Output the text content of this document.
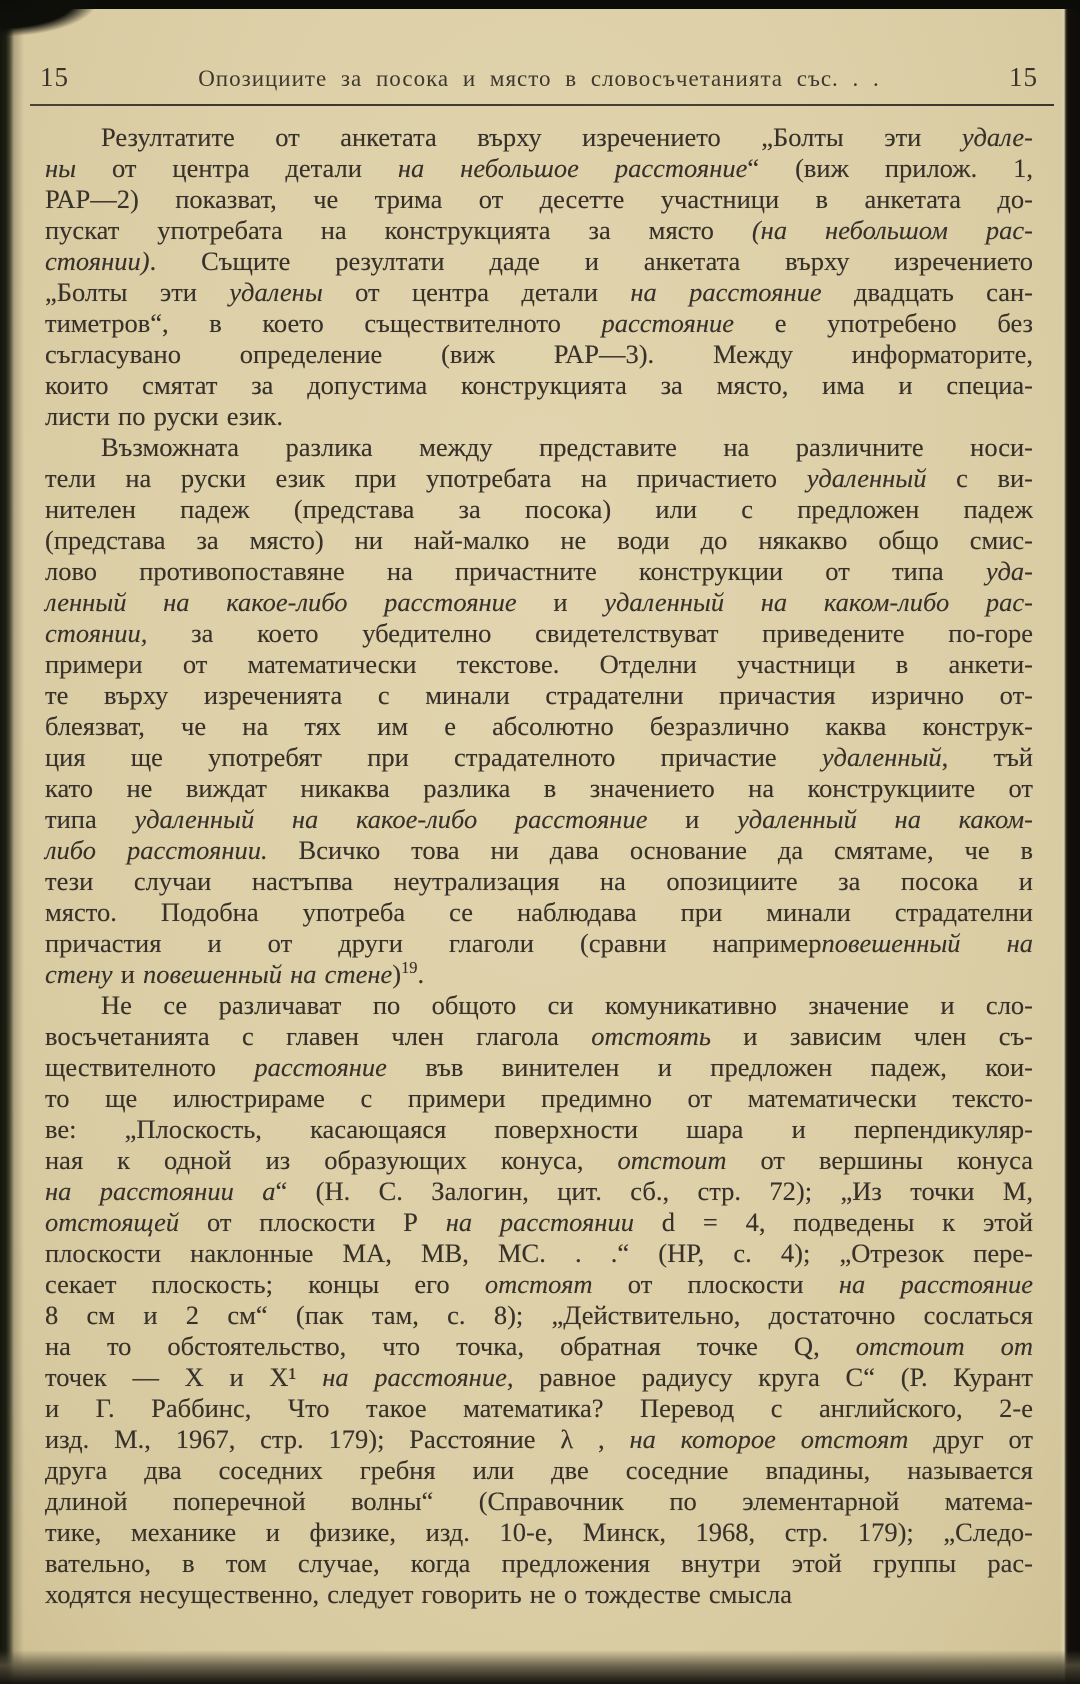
15	Опозициите за посока и място в словосъчетанията със. . .	15
Резултатите от анкетата върху изречението „Болты эти удале-
ны от центра детали на небольшое расстояние“ (виж прилож. 1,
РАР—2) показват, че трима от десетте участници в анкетата до-
пускат употребата на конструкцията за място (на небольшом рас-
стоянии). Същите резултати даде и анкетата върху изречението
„Болты эти удалены от центра детали на расстояние двадцать сан-
тиметров“, в което съществителното расстояние е употребено без
съгласувано определение (виж РАР—3). Между информаторите,
които смятат за допустима конструкцията за място, има и специа-
листи по руски език.
Възможната разлика между представите на различните носи-
тели на руски език при употребата на причастието удаленный с ви-
нителен падеж (представа за посока) или с предложен падеж
(представа за място) ни най-малко не води до някакво общо смис-
лово противопоставяне на причастните конструкции от типа уда-
ленный на какое-либо расстояние и удаленный на каком-либо рас-
стоянии, за което убедително свидетелствуват приведените по-горе
примери от математически текстове. Отделни участници в анкети-
те върху изреченията с минали страдателни причастия изрично от-
блеязват, че на тях им е абсолютно безразлично каква конструк-
ция ще употребят при страдателното причастие удаленный, тъй
като не виждат никаква разлика в значението на конструкциите от
типа удаленный на какое-либо расстояние и удаленный на каком-
либо расстоянии. Всичко това ни дава основание да смятаме, че в
тези случаи настъпва неутрализация на опозициите за посока и
място. Подобна употреба се наблюдава при минали страдателни
причастия и от други глаголи (сравни напримерповешенный на
стену и повешенный на стене)$^{19}$.
Не се различават по общото си комуникативно значение и сло-
восъчетанията с главен член глагола отстоять и зависим член съ-
ществителното расстояние във винителен и предложен падеж, кои-
то ще илюстрираме с примери предимно от математически тексто-
ве: „Плоскость, касающаяся поверхности шара и перпендикуляр-
ная к одной из образующих конуса, отстоит от вершины конуса
на расстоянии а“ (Н. С. Залогин, цит. сб., стр. 72); „Из точки М,
отстоящей от плоскости Р на расстоянии d = 4, подведены к этой
плоскости наклонные МА, МВ, МС. . .“ (НР, с. 4); „Отрезок пере-
секает плоскость; концы его отстоят от плоскости на расстояние
8 см и 2 см“ (пак там, с. 8); „Действительно, достаточно сослаться
на то обстоятельство, что точка, обратная точке Q, отстоит от
точек — X и X¹ на расстояние, равное радиусу круга С“ (Р. Курант
и Г. Раббинс, Что такое математика? Перевод с английского, 2-е
изд. М., 1967, стр. 179); Расстояние λ , на которое отстоят друг от
друга два соседних гребня или две соседние впадины, называется
длиной поперечной волны“ (Справочник по элементарной матема-
тике, механике и физике, изд. 10-е, Минск, 1968, стр. 179); „Следо-
вательно, в том случае, когда предложения внутри этой группы рас-
ходятся несущественно, следует говорить не о тождестве смысла
